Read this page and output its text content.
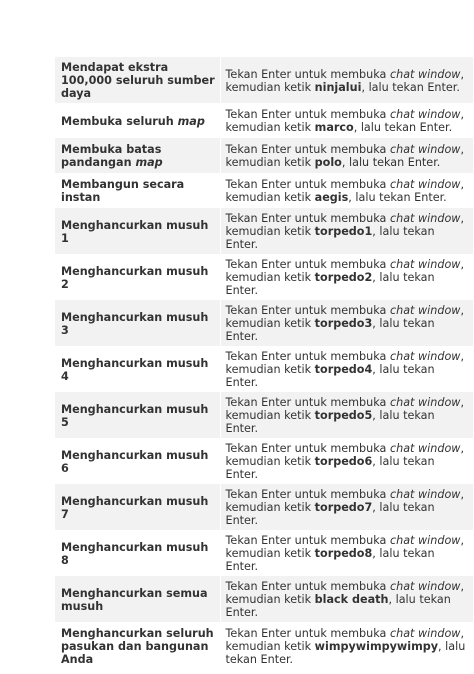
Mendapat ekstra 100,000 seluruh sumber daya	Tekan Enter untuk membuka chat window,
kemudian ketik ninjalui, lalu tekan Enter.
Membuka seluruh map	Tekan Enter untuk membuka chat window,
kemudian ketik marco, lalu tekan Enter.
Membuka batas pandangan map	Tekan Enter untuk membuka chat window,
kemudian ketik polo, lalu tekan Enter.
Membangun secara instan	Tekan Enter untuk membuka chat window,
kemudian ketik aegis, lalu tekan Enter.
Menghancurkan musuh 1	Tekan Enter untuk membuka chat window,
kemudian ketik torpedo1, lalu tekan Enter.
Menghancurkan musuh 2	Tekan Enter untuk membuka chat window,
kemudian ketik torpedo2, lalu tekan Enter.
Menghancurkan musuh 3	Tekan Enter untuk membuka chat window,
kemudian ketik torpedo3, lalu tekan Enter.
Menghancurkan musuh 4	Tekan Enter untuk membuka chat window,
kemudian ketik torpedo4, lalu tekan Enter.
Menghancurkan musuh 5	Tekan Enter untuk membuka chat window,
kemudian ketik torpedo5, lalu tekan Enter.
Menghancurkan musuh 6	Tekan Enter untuk membuka chat window,
kemudian ketik torpedo6, lalu tekan Enter.
Menghancurkan musuh 7	Tekan Enter untuk membuka chat window,
kemudian ketik torpedo7, lalu tekan Enter.
Menghancurkan musuh 8	Tekan Enter untuk membuka chat window,
kemudian ketik torpedo8, lalu tekan Enter.
Menghancurkan semua musuh	Tekan Enter untuk membuka chat window,
kemudian ketik black death, lalu tekan Enter.
Menghancurkan seluruh pasukan dan bangunan Anda	Tekan Enter untuk membuka chat window,
kemudian ketik wimpywimpywimpy, lalu tekan Enter.
